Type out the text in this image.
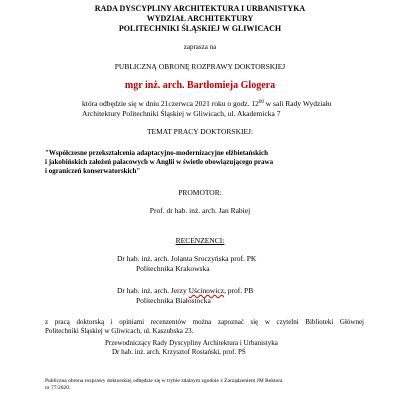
RADA DYSCYPLINY ARCHITEKTURA I URBANISTYKA
WYDZIAŁ ARCHITEKTURY
POLITECHNIKI ŚLĄSKIEJ W GLIWICACH
zaprasza na
PUBLICZNĄ OBRONĘ ROZPRAWY DOKTORSKIEJ
mgr inż. arch. Bartłomieja Glogera
która odbędzie się w dniu 21czerwca 2021 roku o godz. $12^{00}$ w sali Rady Wydziału
Architektury Politechniki Śląskiej w Gliwicach, ul. Akademicka 7
TEMAT PRACY DOKTORSKIEJ:
"Współczesne przekształcenia adaptacyjno-modernizacyjne elżbietańskich
i jakobińskich założeń pałacowych w Anglii w świetle obowiązującego prawa
i ograniczeń konserwatorskich"
PROMOTOR:
Prof. dr hab. inż. arch. Jan Rabiej
RECENZENCI:
Dr hab. inż. arch. Jolanta Sroczyńska prof. PK
Politechnika Krakowska
Dr hab. inż. arch. Jerzy Uścinowicz, prof. PB
Politechnika Białostocka
z pracą doktorską i opiniami recenzentów można zapoznać się w czytelni Biblioteki Głównej
Politechniki Śląskiej w Gliwicach, ul. Kaszubska 23.
Przewodniczący Rady Dyscypliny Architektura i Urbanistyka
Dr hab. inż. arch. Krzysztof Rostański, prof. PŚ
Publiczna obrona rozprawy doktorskiej odbędzie się w trybie zdalnym zgodnie z Zarządzeniem JM Rektora
nr 77/2020.
